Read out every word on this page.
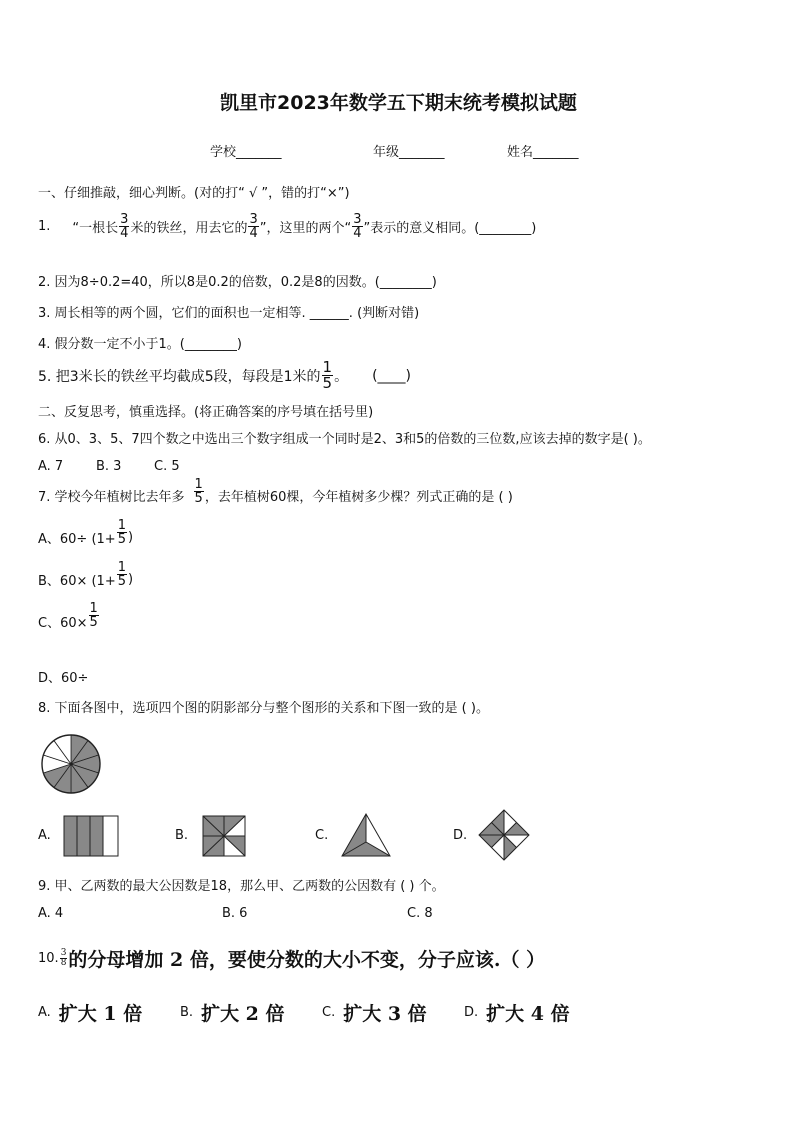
凯里市2023年数学五下期末统考模拟试题
学校_______	年级_______	姓名_______
一、仔细推敲，细心判断。(对的打“ √ ”，错的打“×”)
1. “一根长 $\frac{3}{4}$ 米的铁丝，用去它的 $\frac{3}{4}$ ”，这里的两个“ $\frac{3}{4}$ ”表示的意义相同。(________)
2. 因为8÷0.2=40，所以8是0.2的倍数，0.2是8的因数。(________)
3. 周长相等的两个圆，它们的面积也一定相等. ______. (判断对错)
4. 假分数一定不小于1。(________)
5. 把3米长的铁丝平均截成5段，每段是1米的 $\frac{1}{5}$ 。 (____)
二、反复思考，慎重选择。(将正确答案的序号填在括号里)
6. 从0、3、5、7四个数之中选出三个数字组成一个同时是2、3和5的倍数的三位数,应该去掉的数字是( )。
A. 7	B. 3	C. 5
7. 学校今年植树比去年多 $\frac{1}{5}$ ，去年植树60棵，今年植树多少棵？列式正确的是 ( )
A、$60\div (1+ \frac{1}{5}$ )
B、$60\times (1+ \frac{1}{5}$ )
C、$60\times \frac{1}{5}$
D、60÷
8. 下面各图中，选项四个图的阴影部分与整个图形的关系和下图一致的是 ( )。
A.	B.	C.	D.
9. 甲、乙两数的最大公因数是18，那么甲、乙两数的公因数有 ( ) 个。
A. 4	B. 6	C. 8
10. $\frac{3}{8}$ 的分母增加 2 倍，要使分数的大小不变，分子应该.（ ）
A. 扩大 1 倍	B. 扩大 2 倍	C. 扩大 3 倍	D. 扩大 4 倍
